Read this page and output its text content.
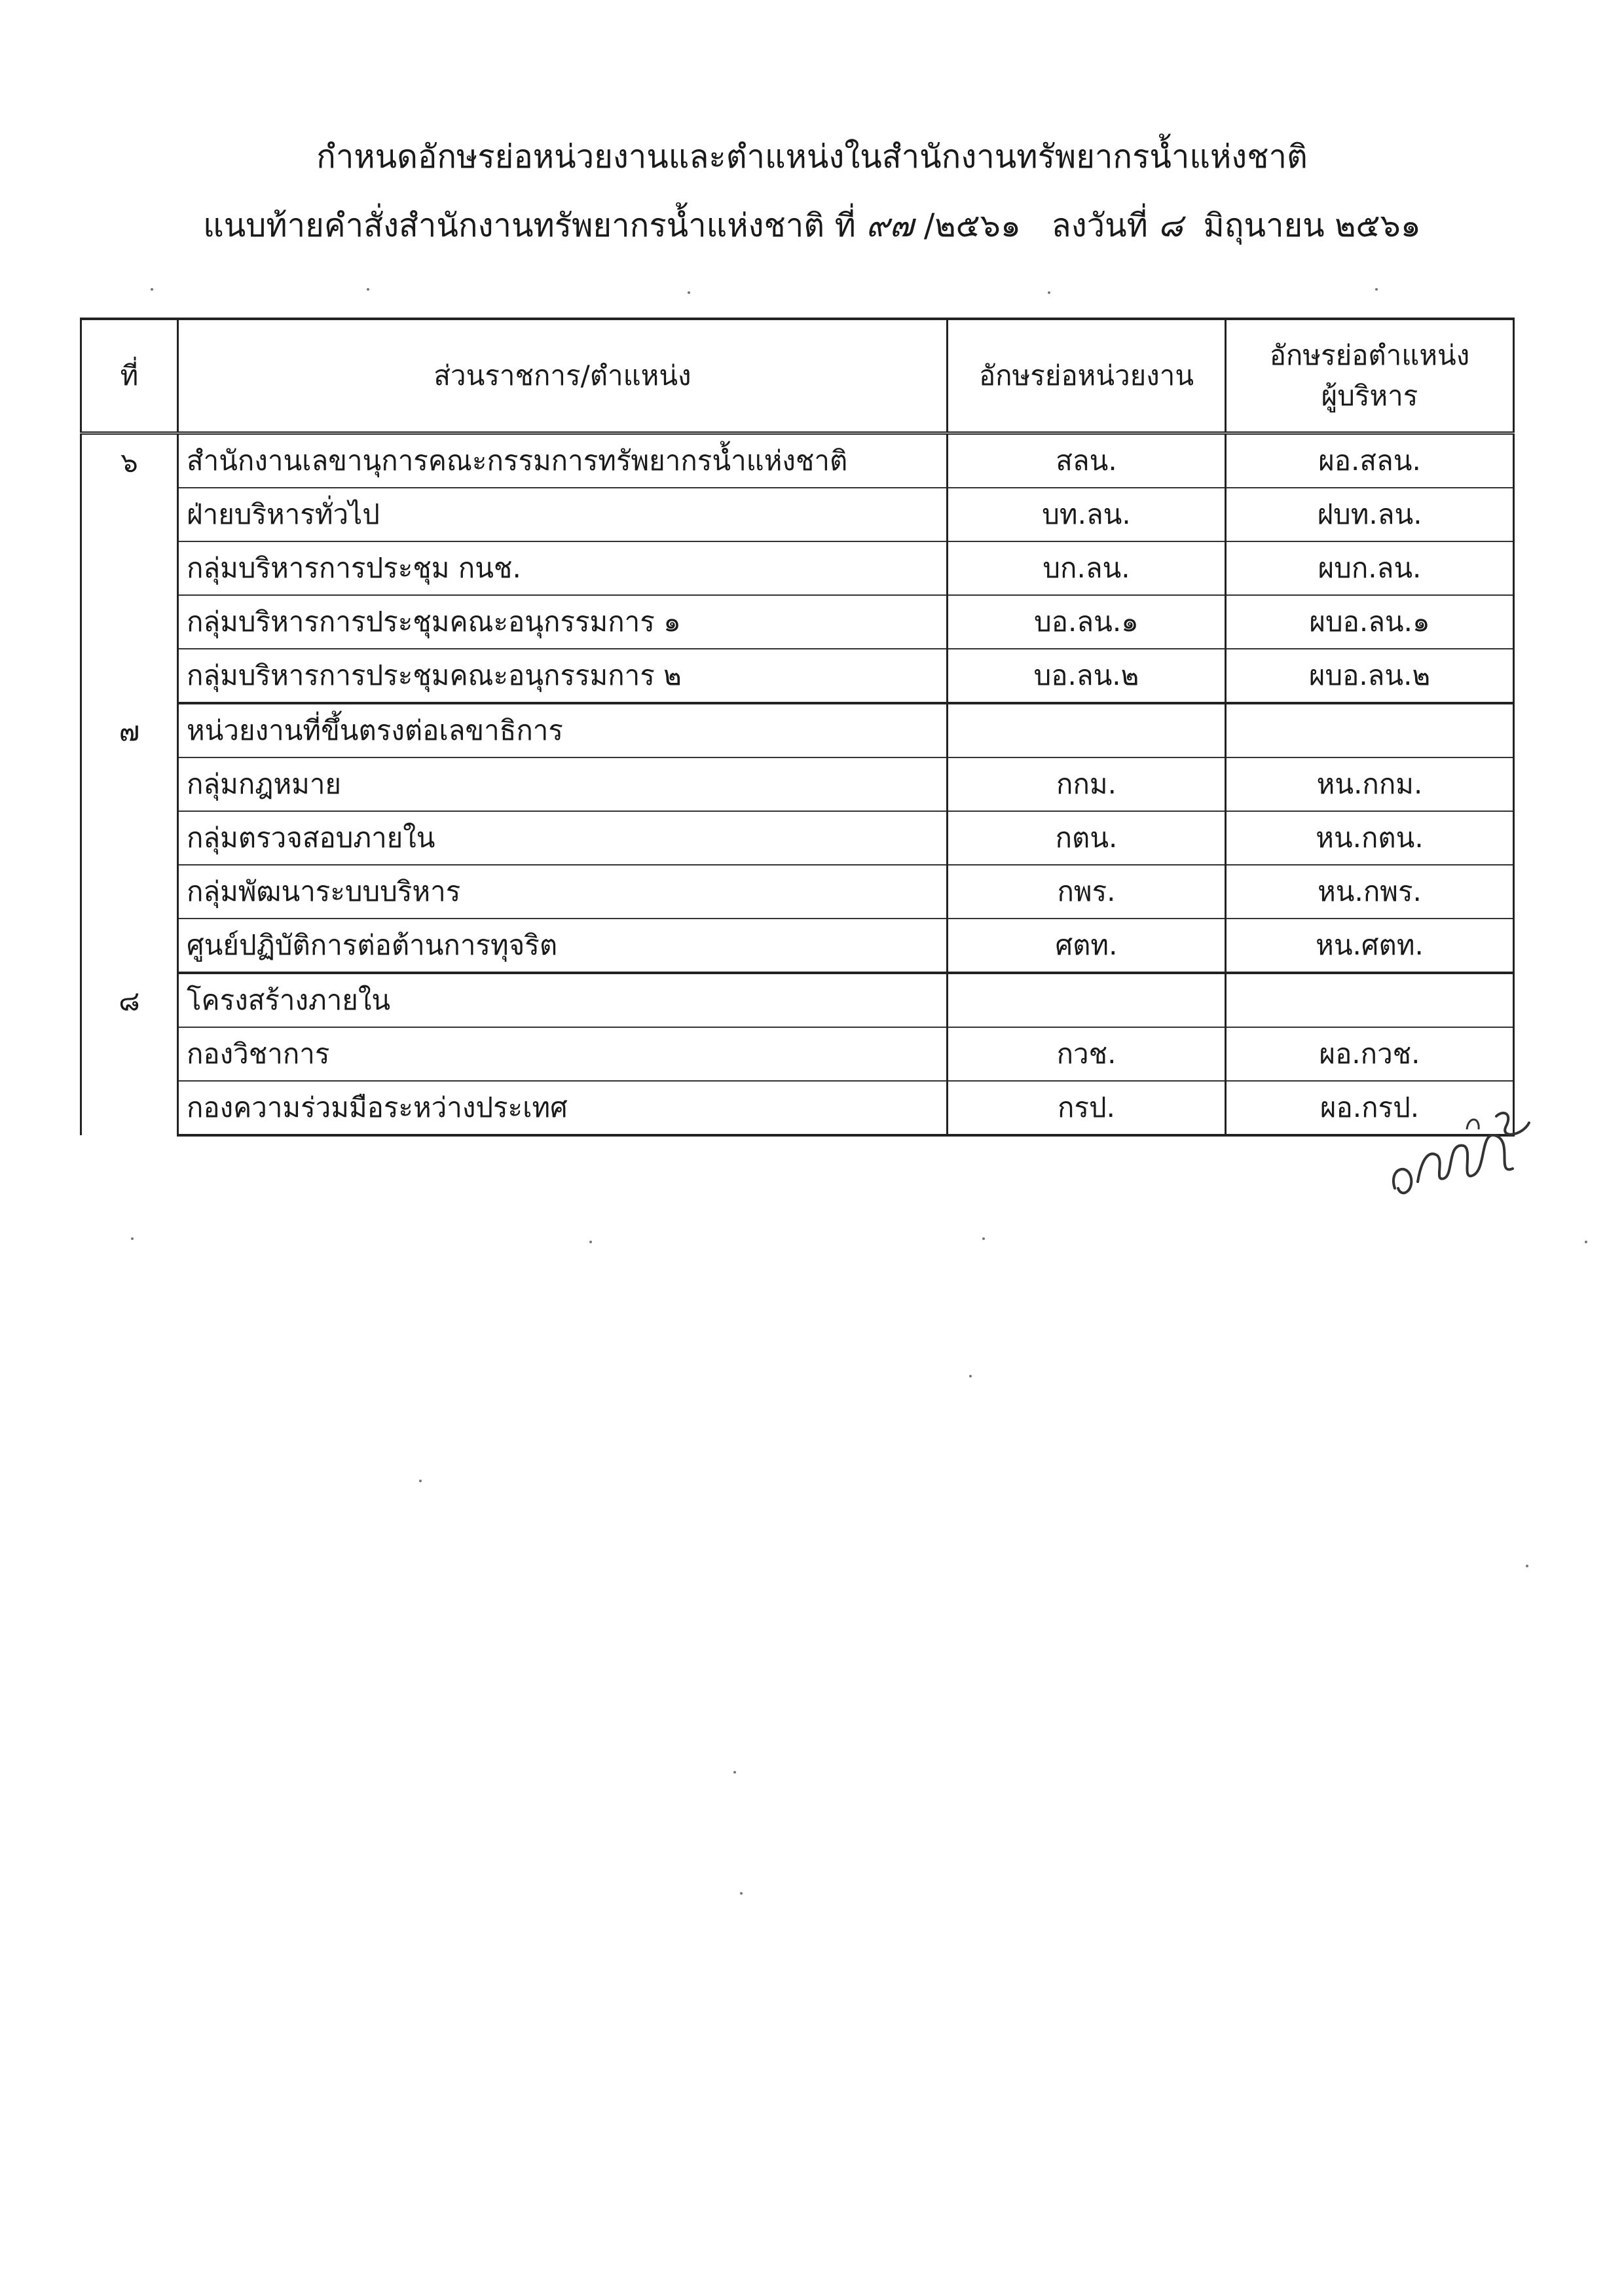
กำหนดอักษรย่อหน่วยงานและตำแหน่งในสำนักงานทรัพยากรน้ำแห่งชาติ
แนบท้ายคำสั่งสำนักงานทรัพยากรน้ำแห่งชาติ ที่ ๙๗ /๒๕๖๑ ลงวันที่ ๘ มิถุนายน ๒๕๖๑
ที่	ส่วนราชการ/ตำแหน่ง	อักษรย่อหน่วยงาน	อักษรย่อตำแหน่ง
ผู้บริหาร
๖	สำนักงานเลขานุการคณะกรรมการทรัพยากรน้ำแห่งชาติ	สลน.	ผอ.สลน.
	ฝ่ายบริหารทั่วไป	บท.ลน.	ฝบท.ลน.
	กลุ่มบริหารการประชุม กนช.	บก.ลน.	ผบก.ลน.
	กลุ่มบริหารการประชุมคณะอนุกรรมการ ๑	บอ.ลน.๑	ผบอ.ลน.๑
	กลุ่มบริหารการประชุมคณะอนุกรรมการ ๒	บอ.ลน.๒	ผบอ.ลน.๒
๗	หน่วยงานที่ขึ้นตรงต่อเลขาธิการ		
	กลุ่มกฎหมาย	กกม.	หน.กกม.
	กลุ่มตรวจสอบภายใน	กตน.	หน.กตน.
	กลุ่มพัฒนาระบบบริหาร	กพร.	หน.กพร.
	ศูนย์ปฏิบัติการต่อต้านการทุจริต	ศตท.	หน.ศตท.
๘	โครงสร้างภายใน		
	กองวิชาการ	กวช.	ผอ.กวช.
	กองความร่วมมือระหว่างประเทศ	กรป.	ผอ.กรป.
